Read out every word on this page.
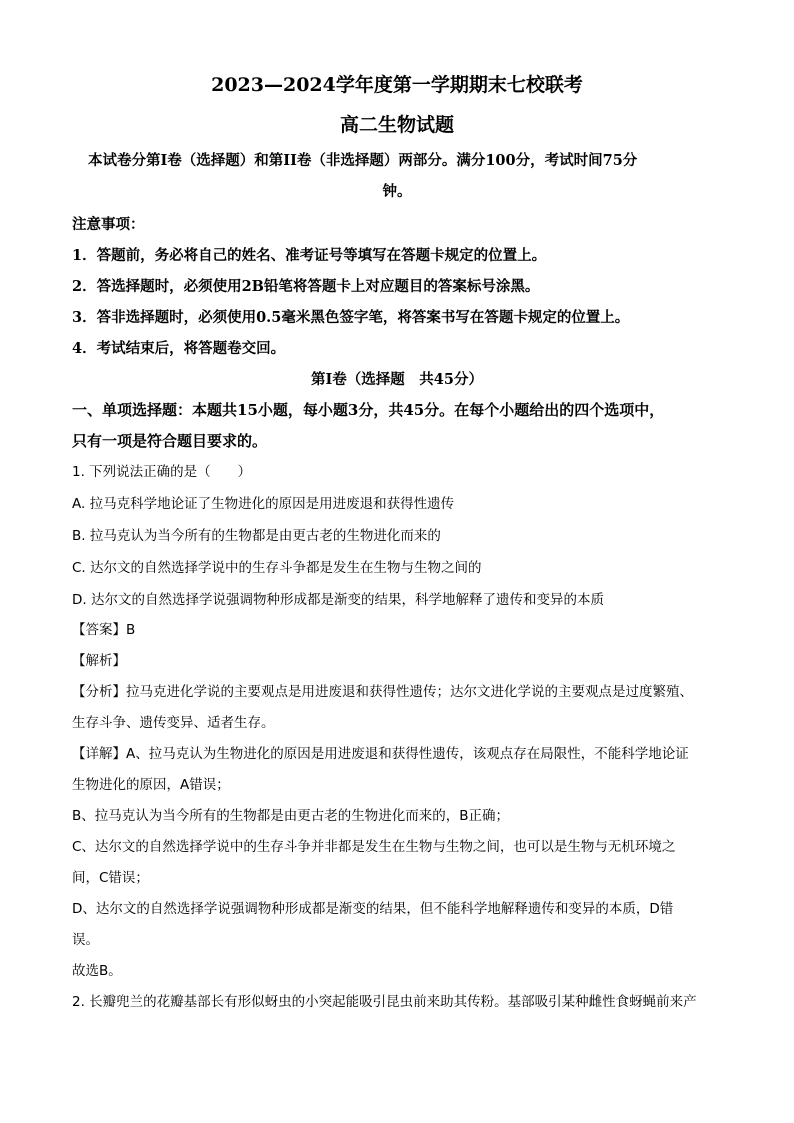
2023—2024学年度第一学期期末七校联考
高二生物试题
本试卷分第I卷（选择题）和第II卷（非选择题）两部分。满分100分，考试时间75分
钟。
注意事项：
1．答题前，务必将自己的姓名、准考证号等填写在答题卡规定的位置上。
2．答选择题时，必须使用2B铅笔将答题卡上对应题目的答案标号涂黑。
3．答非选择题时，必须使用0.5毫米黑色签字笔，将答案书写在答题卡规定的位置上。
4．考试结束后，将答题卷交回。
第I卷（选择题　共45分）
一、单项选择题：本题共15小题，每小题3分，共45分。在每个小题给出的四个选项中，
只有一项是符合题目要求的。
1. 下列说法正确的是（　　）
A. 拉马克科学地论证了生物进化的原因是用进废退和获得性遗传
B. 拉马克认为当今所有的生物都是由更古老的生物进化而来的
C. 达尔文的自然选择学说中的生存斗争都是发生在生物与生物之间的
D. 达尔文的自然选择学说强调物种形成都是渐变的结果，科学地解释了遗传和变异的本质
【答案】B
【解析】
【分析】拉马克进化学说的主要观点是用进废退和获得性遗传；达尔文进化学说的主要观点是过度繁殖、
生存斗争、遗传变异、适者生存。
【详解】A、拉马克认为生物进化的原因是用进废退和获得性遗传，该观点存在局限性，不能科学地论证
生物进化的原因，A错误；
B、拉马克认为当今所有的生物都是由更古老的生物进化而来的，B正确；
C、达尔文的自然选择学说中的生存斗争并非都是发生在生物与生物之间，也可以是生物与无机环境之
间，C错误；
D、达尔文的自然选择学说强调物种形成都是渐变的结果，但不能科学地解释遗传和变异的本质，D错
误。
故选B。
2. 长瓣兜兰的花瓣基部长有形似蚜虫的小突起能吸引昆虫前来助其传粉。基部吸引某种雌性食蚜蝇前来产
